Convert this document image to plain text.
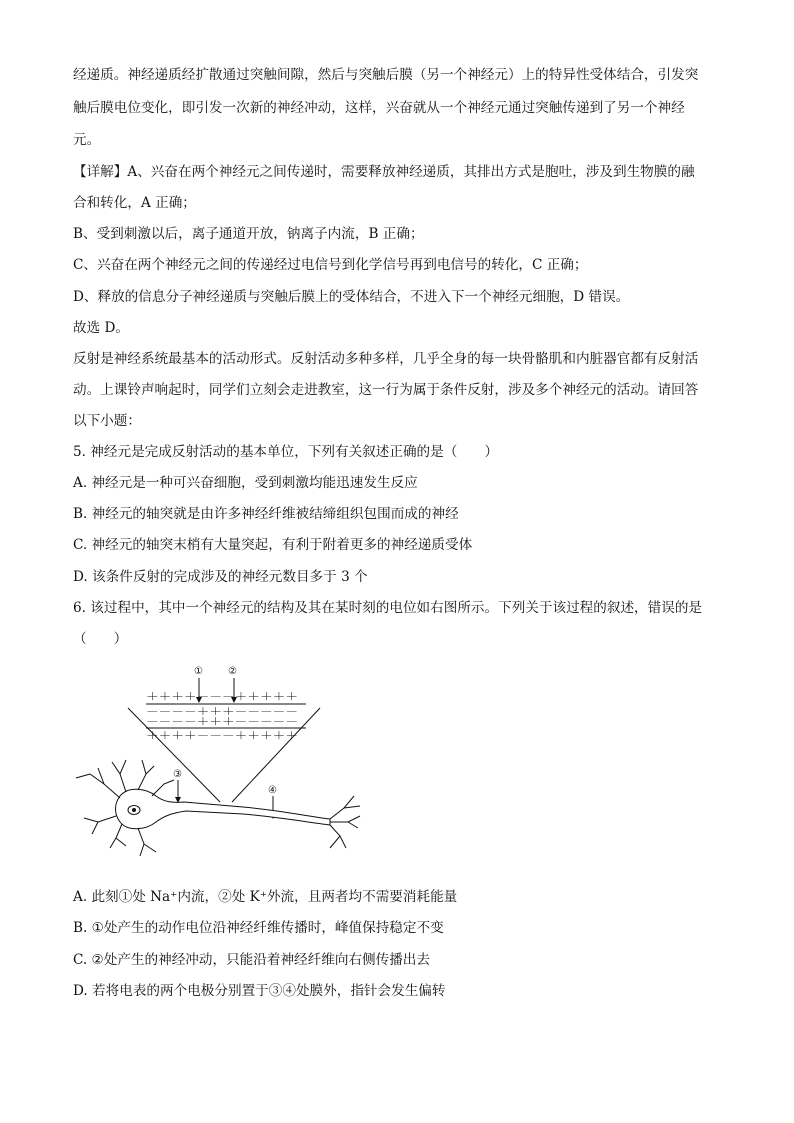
经递质。神经递质经扩散通过突触间隙，然后与突触后膜（另一个神经元）上的特异性受体结合，引发突
触后膜电位变化，即引发一次新的神经冲动，这样，兴奋就从一个神经元通过突触传递到了另一个神经
元。
【详解】A、兴奋在两个神经元之间传递时，需要释放神经递质，其排出方式是胞吐，涉及到生物膜的融
合和转化，A 正确；
B、受到刺激以后，离子通道开放，钠离子内流，B 正确；
C、兴奋在两个神经元之间的传递经过电信号到化学信号再到电信号的转化，C 正确；
D、释放的信息分子神经递质与突触后膜上的受体结合，不进入下一个神经元细胞，D 错误。
故选 D。
反射是神经系统最基本的活动形式。反射活动多种多样，几乎全身的每一块骨骼肌和内脏器官都有反射活
动。上课铃声响起时，同学们立刻会走进教室，这一行为属于条件反射，涉及多个神经元的活动。请回答
以下小题：
5. 神经元是完成反射活动的基本单位，下列有关叙述正确的是（　　）
A. 神经元是一种可兴奋细胞，受到刺激均能迅速发生反应
B. 神经元的轴突就是由许多神经纤维被结缔组织包围而成的神经
C. 神经元的轴突末梢有大量突起，有利于附着更多的神经递质受体
D. 该条件反射的完成涉及的神经元数目多于 3 个
6. 该过程中，其中一个神经元的结构及其在某时刻的电位如右图所示。下列关于该过程的叙述，错误的是
（　　）
①	②
＋＋＋＋－－－＋＋＋＋＋
－－－－＋＋＋－－－－－
－－－－＋＋＋－－－－－
＋＋＋＋－－－＋＋＋＋＋
③
④
A. 此刻①处 Na⁺内流，②处 K⁺外流，且两者均不需要消耗能量
B. ①处产生的动作电位沿神经纤维传播时，峰值保持稳定不变
C. ②处产生的神经冲动，只能沿着神经纤维向右侧传播出去
D. 若将电表的两个电极分别置于③④处膜外，指针会发生偏转
